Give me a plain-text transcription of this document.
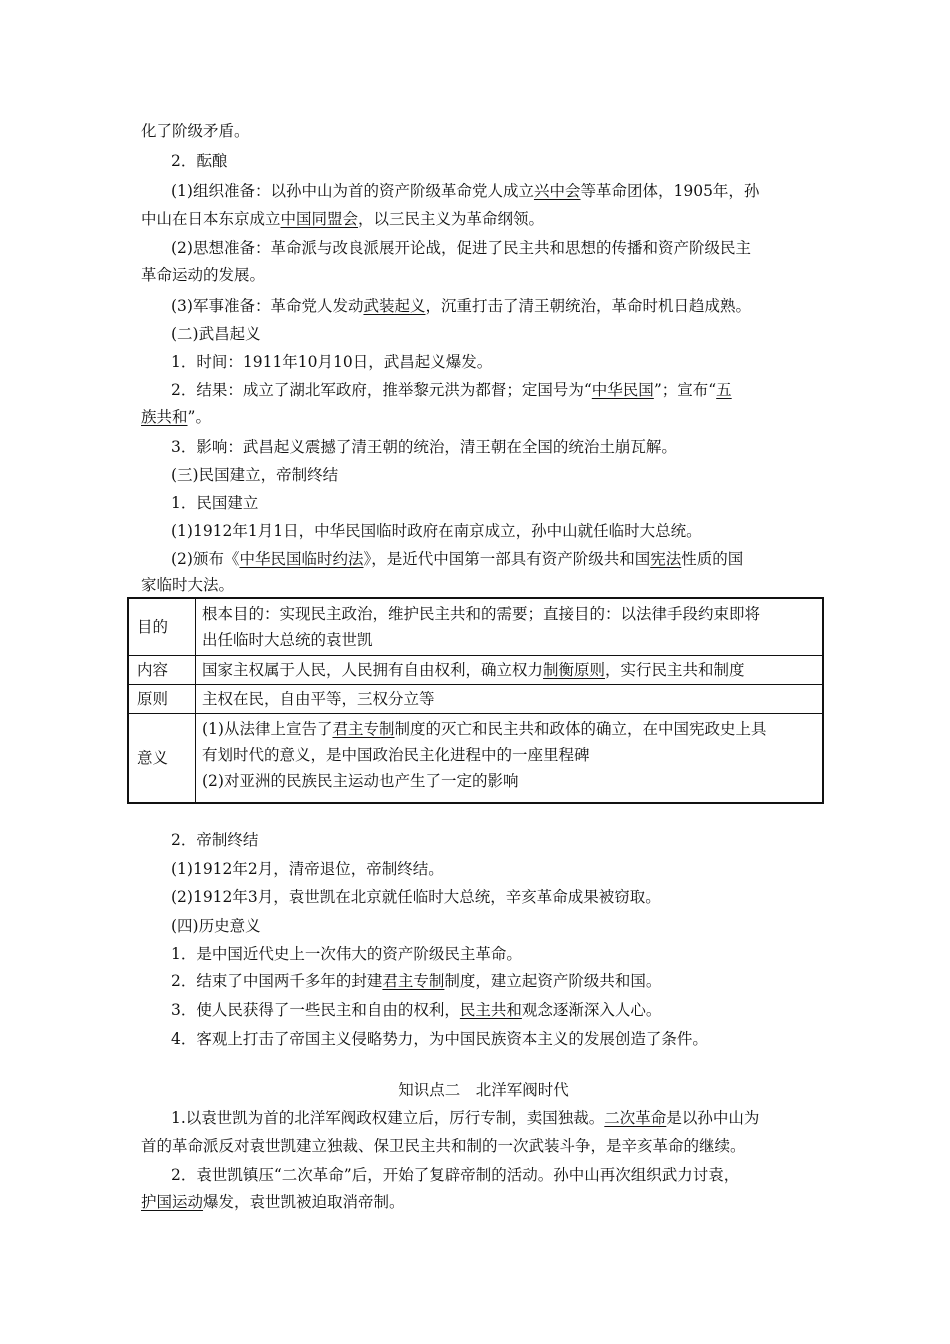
化了阶级矛盾。
2．酝酿
(1)组织准备：以孙中山为首的资产阶级革命党人成立兴中会等革命团体，1905年，孙
中山在日本东京成立中国同盟会，以三民主义为革命纲领。
(2)思想准备：革命派与改良派展开论战，促进了民主共和思想的传播和资产阶级民主
革命运动的发展。
(3)军事准备：革命党人发动武装起义，沉重打击了清王朝统治，革命时机日趋成熟。
(二)武昌起义
1．时间：1911年10月10日，武昌起义爆发。
2．结果：成立了湖北军政府，推举黎元洪为都督；定国号为“中华民国”；宣布“五
族共和”。
3．影响：武昌起义震撼了清王朝的统治，清王朝在全国的统治土崩瓦解。
(三)民国建立，帝制终结
1．民国建立
(1)1912年1月1日，中华民国临时政府在南京成立，孙中山就任临时大总统。
(2)颁布《中华民国临时约法》，是近代中国第一部具有资产阶级共和国宪法性质的国
家临时大法。
目的	根本目的：实现民主政治，维护民主共和的需要；直接目的：以法律手段约束即将
出任临时大总统的袁世凯

内容	国家主权属于人民，人民拥有自由权利，确立权力制衡原则，实行民主共和制度
原则	主权在民，自由平等，三权分立等
意义	(1)从法律上宣告了君主专制制度的灭亡和民主共和政体的确立，在中国宪政史上具
有划时代的意义，是中国政治民主化进程中的一座里程碑
(2)对亚洲的民族民主运动也产生了一定的影响
2．帝制终结
(1)1912年2月，清帝退位，帝制终结。
(2)1912年3月，袁世凯在北京就任临时大总统，辛亥革命成果被窃取。
(四)历史意义
1．是中国近代史上一次伟大的资产阶级民主革命。
2．结束了中国两千多年的封建君主专制制度，建立起资产阶级共和国。
3．使人民获得了一些民主和自由的权利，民主共和观念逐渐深入人心。
4．客观上打击了帝国主义侵略势力，为中国民族资本主义的发展创造了条件。
知识点二　北洋军阀时代
1.以袁世凯为首的北洋军阀政权建立后，厉行专制，卖国独裁。二次革命是以孙中山为
首的革命派反对袁世凯建立独裁、保卫民主共和制的一次武装斗争，是辛亥革命的继续。
2．袁世凯镇压“二次革命”后，开始了复辟帝制的活动。孙中山再次组织武力讨袁，
护国运动爆发，袁世凯被迫取消帝制。
